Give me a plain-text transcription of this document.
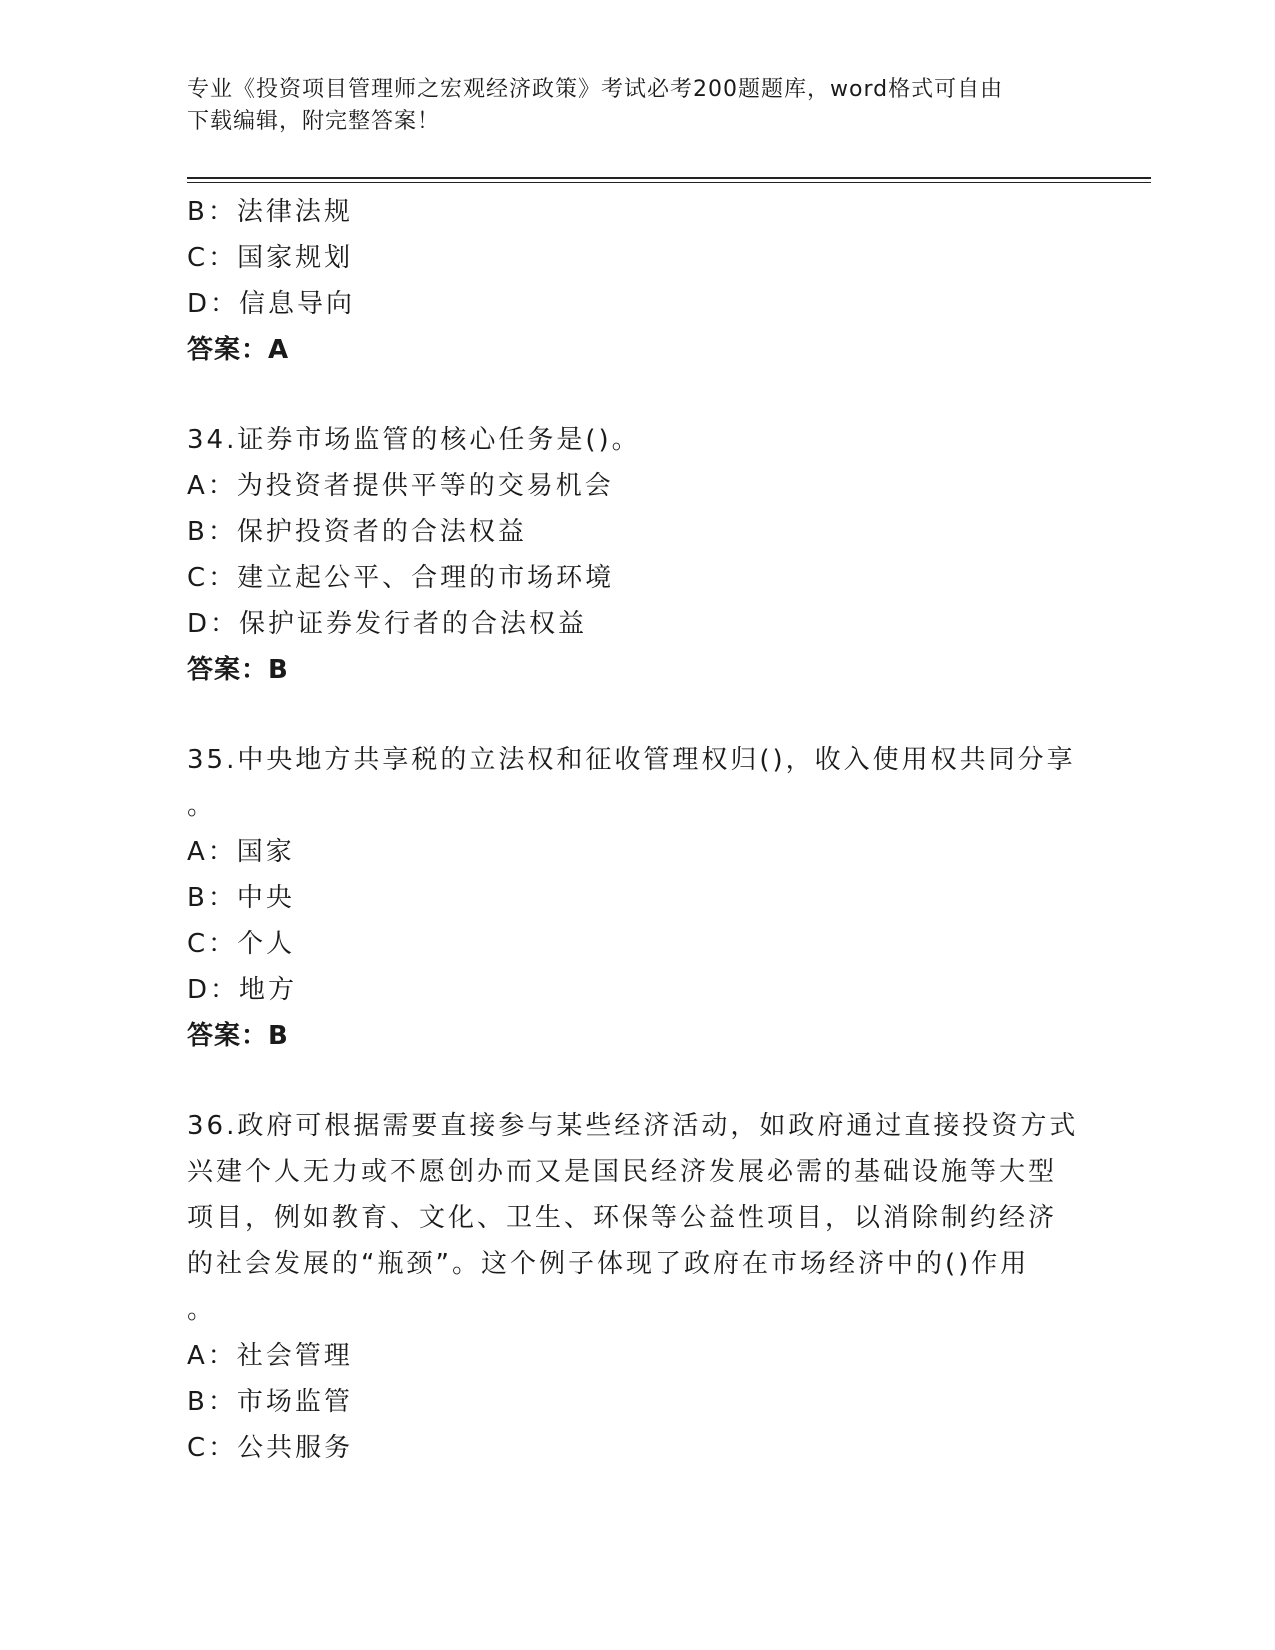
专业《投资项目管理师之宏观经济政策》考试必考200题题库，word格式可自由
下载编辑，附完整答案！
B：法律法规
C：国家规划
D：信息导向
答案：A
34.证券市场监管的核心任务是()。
A：为投资者提供平等的交易机会
B：保护投资者的合法权益
C：建立起公平、合理的市场环境
D：保护证券发行者的合法权益
答案：B
35.中央地方共享税的立法权和征收管理权归()，收入使用权共同分享
。
A：国家
B：中央
C：个人
D：地方
答案：B
36.政府可根据需要直接参与某些经济活动，如政府通过直接投资方式
兴建个人无力或不愿创办而又是国民经济发展必需的基础设施等大型
项目，例如教育、文化、卫生、环保等公益性项目，以消除制约经济
的社会发展的“瓶颈”。这个例子体现了政府在市场经济中的()作用
。
A：社会管理
B：市场监管
C：公共服务
